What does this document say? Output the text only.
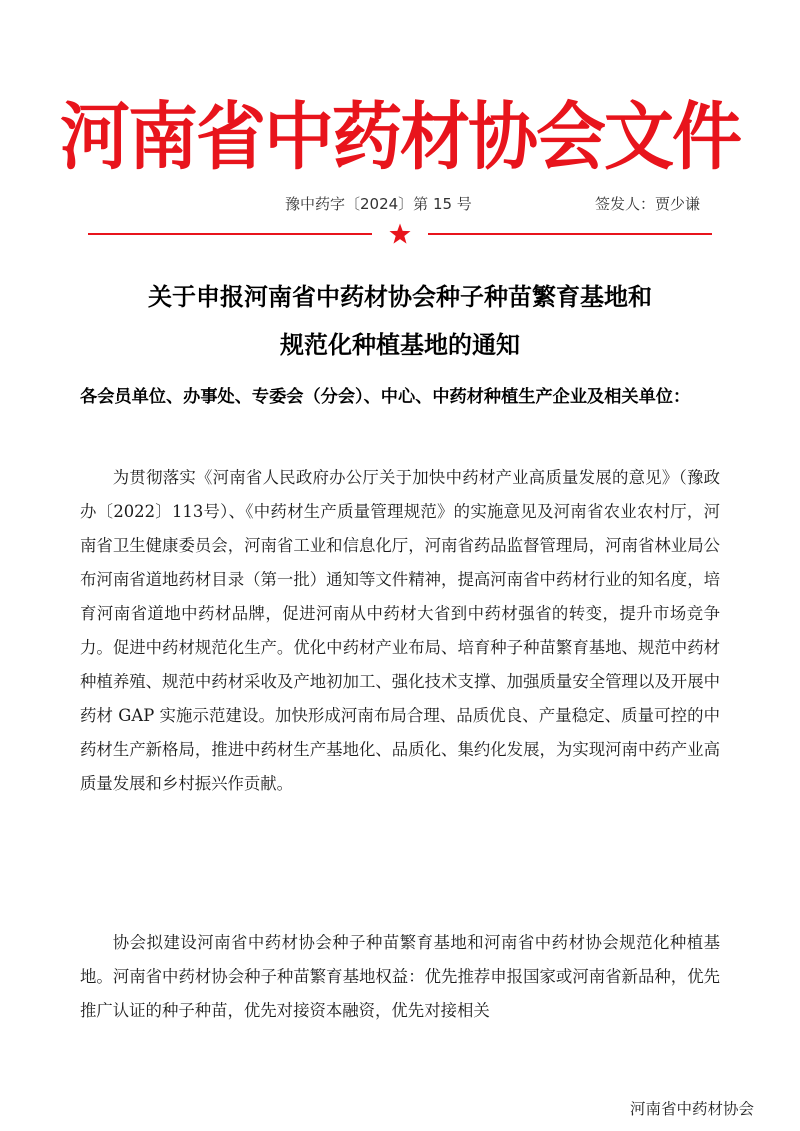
河南省中药材协会文件
豫中药字〔2024〕第 15 号	签发人：贾少谦
关于申报河南省中药材协会种子种苗繁育基地和
规范化种植基地的通知
各会员单位、办事处、专委会（分会）、中心、中药材种植生产企业及相关单位：

为贯彻落实《河南省人民政府办公厅关于加快中药材产业高质量发展的意见》（豫政办〔2022〕113号）、《中药材生产质量管理规范》的实施意见及河南省农业农村厅，河南省卫生健康委员会，河南省工业和信息化厅，河南省药品监督管理局，河南省林业局公布河南省道地药材目录（第一批）通知等文件精神，提高河南省中药材行业的知名度，培育河南省道地中药材品牌，促进河南从中药材大省到中药材强省的转变，提升市场竞争力。促进中药材规范化生产。优化中药材产业布局、培育种子种苗繁育基地、规范中药材种植养殖、规范中药材采收及产地初加工、强化技术支撑、加强质量安全管理以及开展中药材 GAP 实施示范建设。加快形成河南布局合理、品质优良、产量稳定、质量可控的中药材生产新格局，推进中药材生产基地化、品质化、集约化发展，为实现河南中药产业高质量发展和乡村振兴作贡献。

协会拟建设河南省中药材协会种子种苗繁育基地和河南省中药材协会规范化种植基地。河南省中药材协会种子种苗繁育基地权益：优先推荐申报国家或河南省新品种，优先推广认证的种子种苗，优先对接资本融资，优先对接相关

河南省中药材协会
